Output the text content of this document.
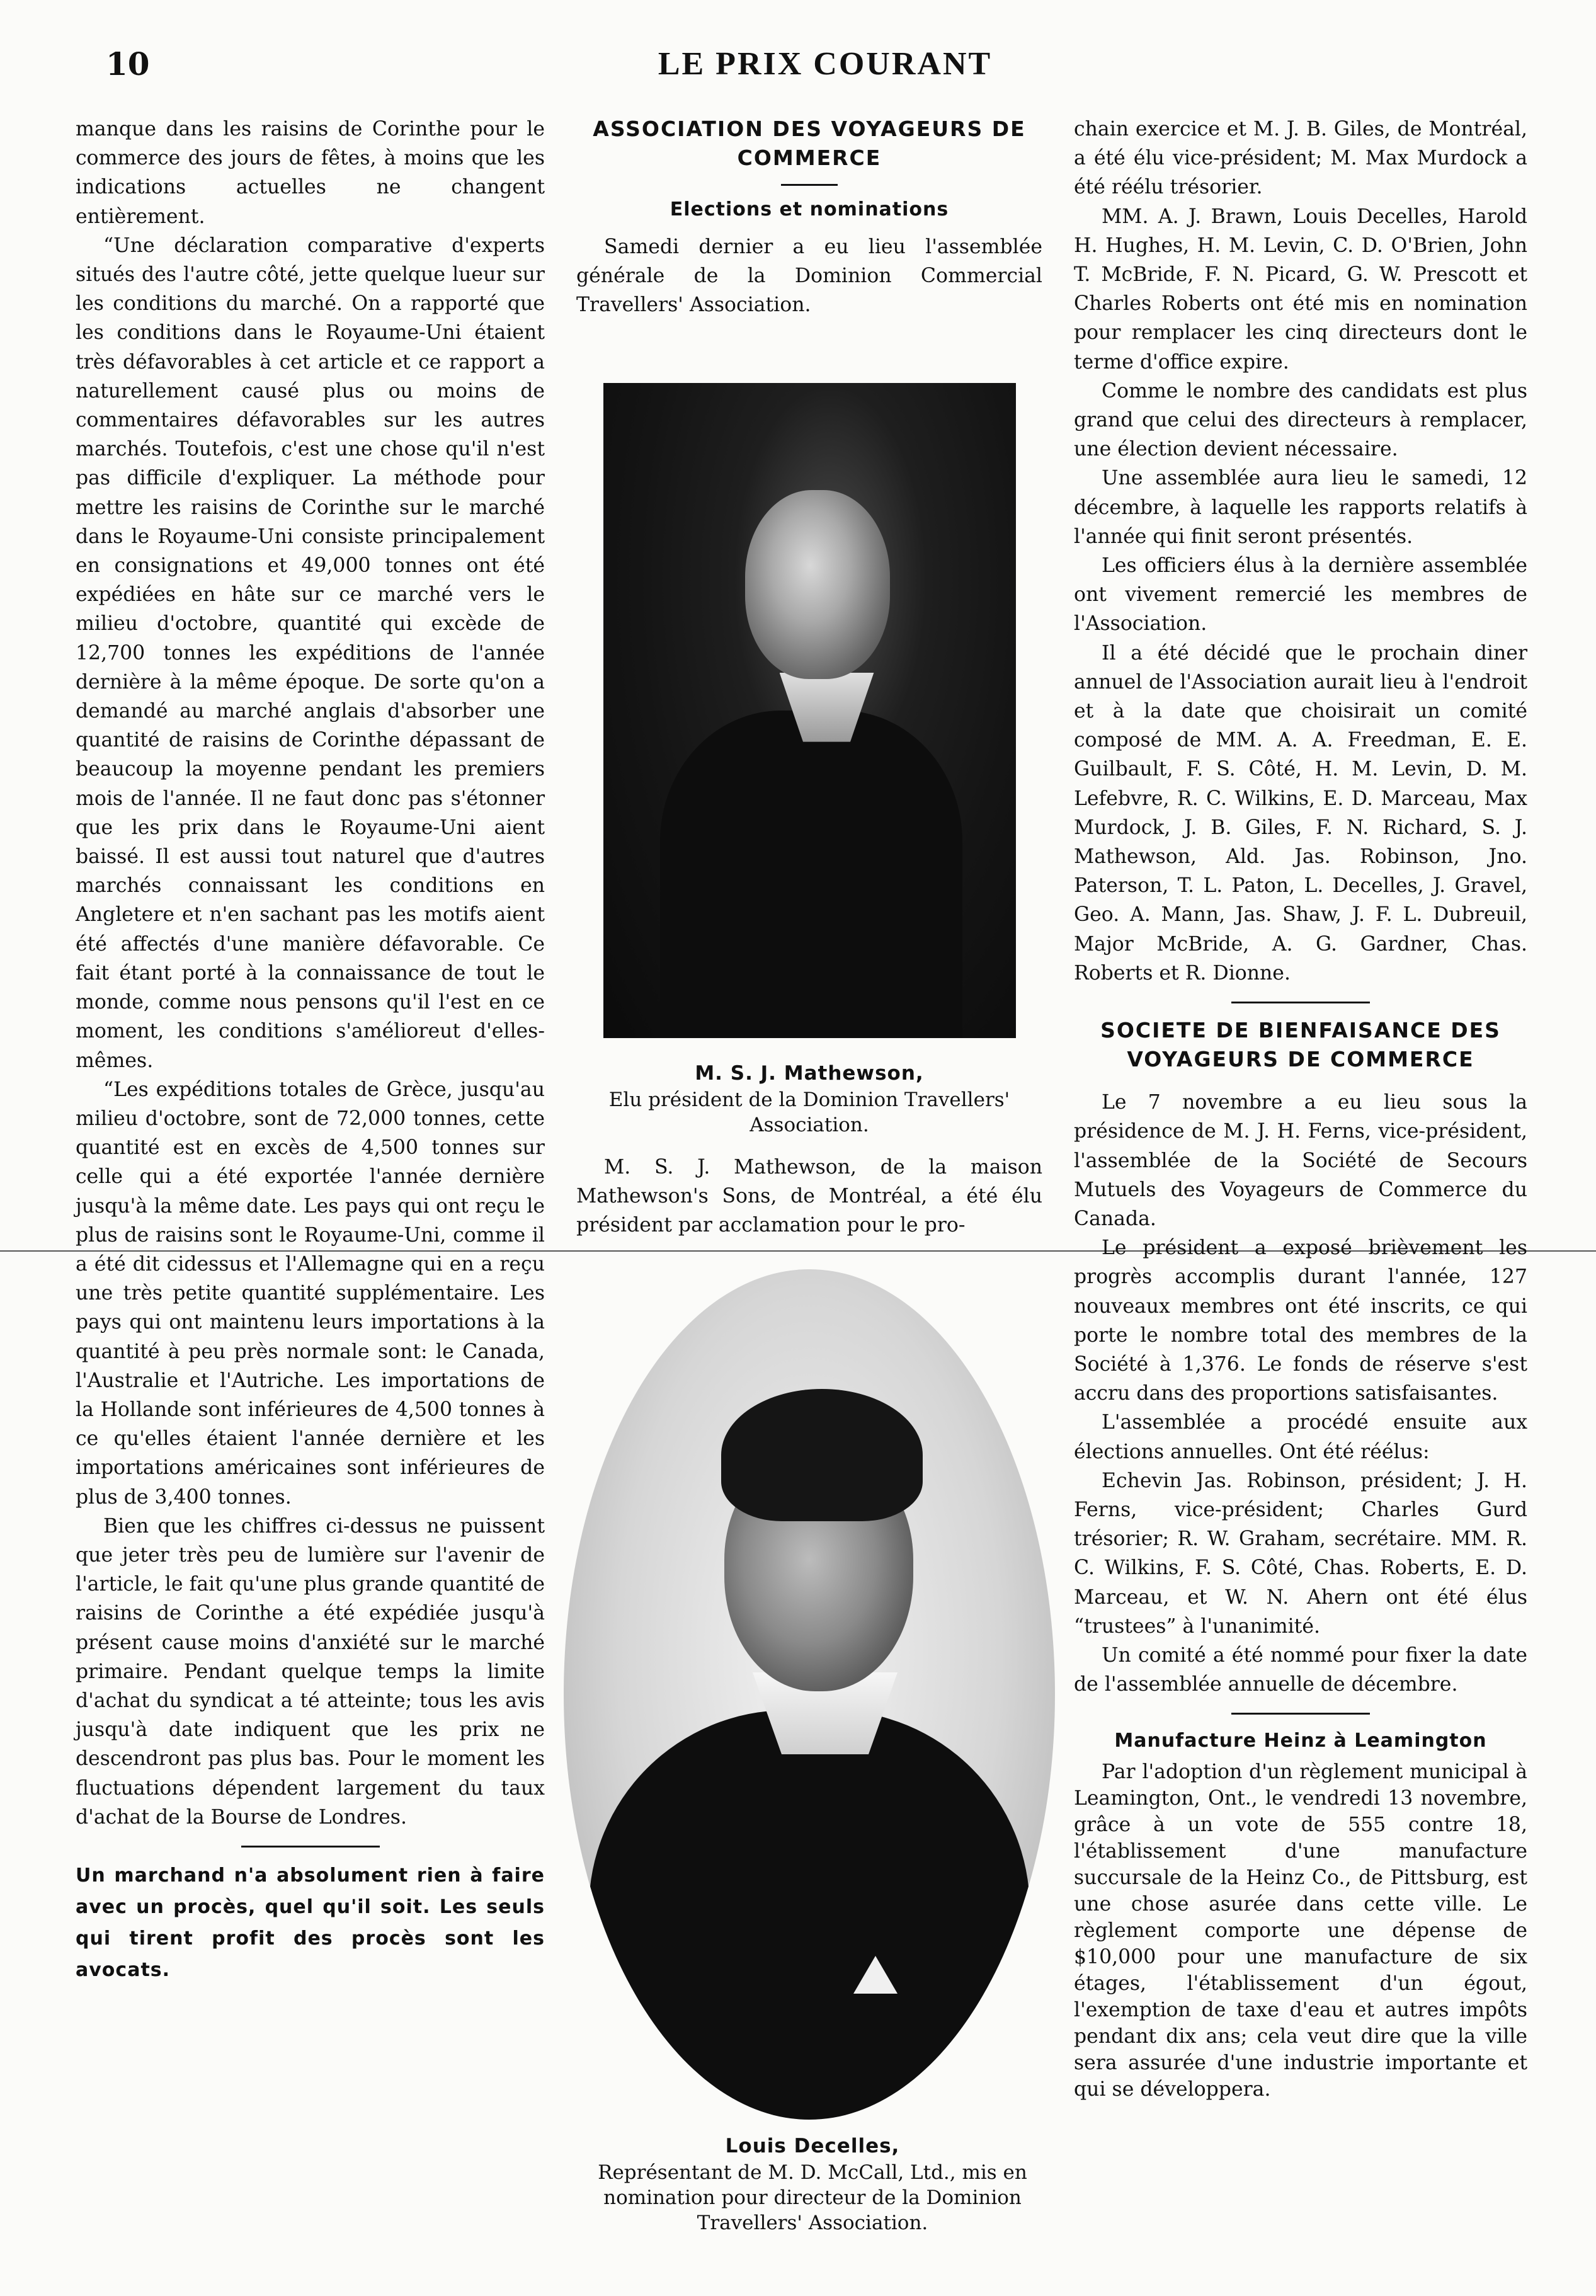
10	LE PRIX COURANT

manque dans les raisins de Corinthe pour le commerce des jours de fêtes, à moins que les indications actuelles ne changent entièrement.

“Une déclaration comparative d'experts situés des l'autre côté, jette quelque lueur sur les conditions du marché. On a rapporté que les conditions dans le Royaume-Uni étaient très défavorables à cet article et ce rapport a naturellement causé plus ou moins de commentaires défavorables sur les autres marchés. Toutefois, c'est une chose qu'il n'est pas difficile d'expliquer. La méthode pour mettre les raisins de Corinthe sur le marché dans le Royaume-Uni consiste principalement en consignations et 49,000 tonnes ont été expédiées en hâte sur ce marché vers le milieu d'octobre, quantité qui excède de 12,700 tonnes les expéditions de l'année dernière à la même époque. De sorte qu'on a demandé au marché anglais d'absorber une quantité de raisins de Corinthe dépassant de beaucoup la moyenne pendant les premiers mois de l'année. Il ne faut donc pas s'étonner que les prix dans le Royaume-Uni aient baissé. Il est aussi tout naturel que d'autres marchés connaissant les conditions en Angletere et n'en sachant pas les motifs aient été affectés d'une manière défavorable. Ce fait étant porté à la connaissance de tout le monde, comme nous pensons qu'il l'est en ce moment, les conditions s'amélioreut d'elles-mêmes.

“Les expéditions totales de Grèce, jusqu'au milieu d'octobre, sont de 72,000 tonnes, cette quantité est en excès de 4,500 tonnes sur celle qui a été exportée l'année dernière jusqu'à la même date. Les pays qui ont reçu le plus de raisins sont le Royaume-Uni, comme il a été dit cidessus et l'Allemagne qui en a reçu une très petite quantité supplémentaire. Les pays qui ont maintenu leurs importations à la quantité à peu près normale sont: le Canada, l'Australie et l'Autriche. Les importations de la Hollande sont inférieures de 4,500 tonnes à ce qu'elles étaient l'année dernière et les importations américaines sont inférieures de plus de 3,400 tonnes.

Bien que les chiffres ci-dessus ne puissent que jeter très peu de lumière sur l'avenir de l'article, le fait qu'une plus grande quantité de raisins de Corinthe a été expédiée jusqu'à présent cause moins d'anxiété sur le marché primaire. Pendant quelque temps la limite d'achat du syndicat a té atteinte; tous les avis jusqu'à date indiquent que les prix ne descendront pas plus bas. Pour le moment les fluctuations dépendent largement du taux d'achat de la Bourse de Londres.

Un marchand n'a absolument rien à faire avec un procès, quel qu'il soit. Les seuls qui tirent profit des procès sont les avocats.

ASSOCIATION DES VOYAGEURS DE COMMERCE

Elections et nominations

Samedi dernier a eu lieu l'assemblée générale de la Dominion Commercial Travellers' Association.

M. S. J. Mathewson,

Elu président de la Dominion Travellers' Association.

M. S. J. Mathewson, de la maison Mathewson's Sons, de Montréal, a été élu président par acclamation pour le pro-

Louis Decelles,

Représentant de M. D. McCall, Ltd., mis en nomination pour directeur de la Dominion Travellers' Association.

chain exercice et M. J. B. Giles, de Montréal, a été élu vice-président; M. Max Murdock a été réélu trésorier.

MM. A. J. Brawn, Louis Decelles, Harold H. Hughes, H. M. Levin, C. D. O'Brien, John T. McBride, F. N. Picard, G. W. Prescott et Charles Roberts ont été mis en nomination pour remplacer les cinq directeurs dont le terme d'office expire.

Comme le nombre des candidats est plus grand que celui des directeurs à remplacer, une élection devient nécessaire.

Une assemblée aura lieu le samedi, 12 décembre, à laquelle les rapports relatifs à l'année qui finit seront présentés.

Les officiers élus à la dernière assemblée ont vivement remercié les membres de l'Association.

Il a été décidé que le prochain diner annuel de l'Association aurait lieu à l'endroit et à la date que choisirait un comité composé de MM. A. A. Freedman, E. E. Guilbault, F. S. Côté, H. M. Levin, D. M. Lefebvre, R. C. Wilkins, E. D. Marceau, Max Murdock, J. B. Giles, F. N. Richard, S. J. Mathewson, Ald. Jas. Robinson, Jno. Paterson, T. L. Paton, L. Decelles, J. Gravel, Geo. A. Mann, Jas. Shaw, J. F. L. Dubreuil, Major McBride, A. G. Gardner, Chas. Roberts et R. Dionne.

SOCIETE DE BIENFAISANCE DES VOYAGEURS DE COMMERCE

Le 7 novembre a eu lieu sous la présidence de M. J. H. Ferns, vice-président, l'assemblée de la Société de Secours Mutuels des Voyageurs de Commerce du Canada.

Le président a exposé brièvement les progrès accomplis durant l'année, 127 nouveaux membres ont été inscrits, ce qui porte le nombre total des membres de la Société à 1,376. Le fonds de réserve s'est accru dans des proportions satisfaisantes.

L'assemblée a procédé ensuite aux élections annuelles. Ont été réélus:

Echevin Jas. Robinson, président; J. H. Ferns, vice-président; Charles Gurd trésorier; R. W. Graham, secrétaire. MM. R. C. Wilkins, F. S. Côté, Chas. Roberts, E. D. Marceau, et W. N. Ahern ont été élus “trustees” à l'unanimité.

Un comité a été nommé pour fixer la date de l'assemblée annuelle de décembre.

Manufacture Heinz à Leamington

Par l'adoption d'un règlement municipal à Leamington, Ont., le vendredi 13 novembre, grâce à un vote de 555 contre 18, l'établissement d'une manufacture succursale de la Heinz Co., de Pittsburg, est une chose asurée dans cette ville. Le règlement comporte une dépense de $10,000 pour une manufacture de six étages, l'établissement d'un égout, l'exemption de taxe d'eau et autres impôts pendant dix ans; cela veut dire que la ville sera assurée d'une industrie importante et qui se développera.
